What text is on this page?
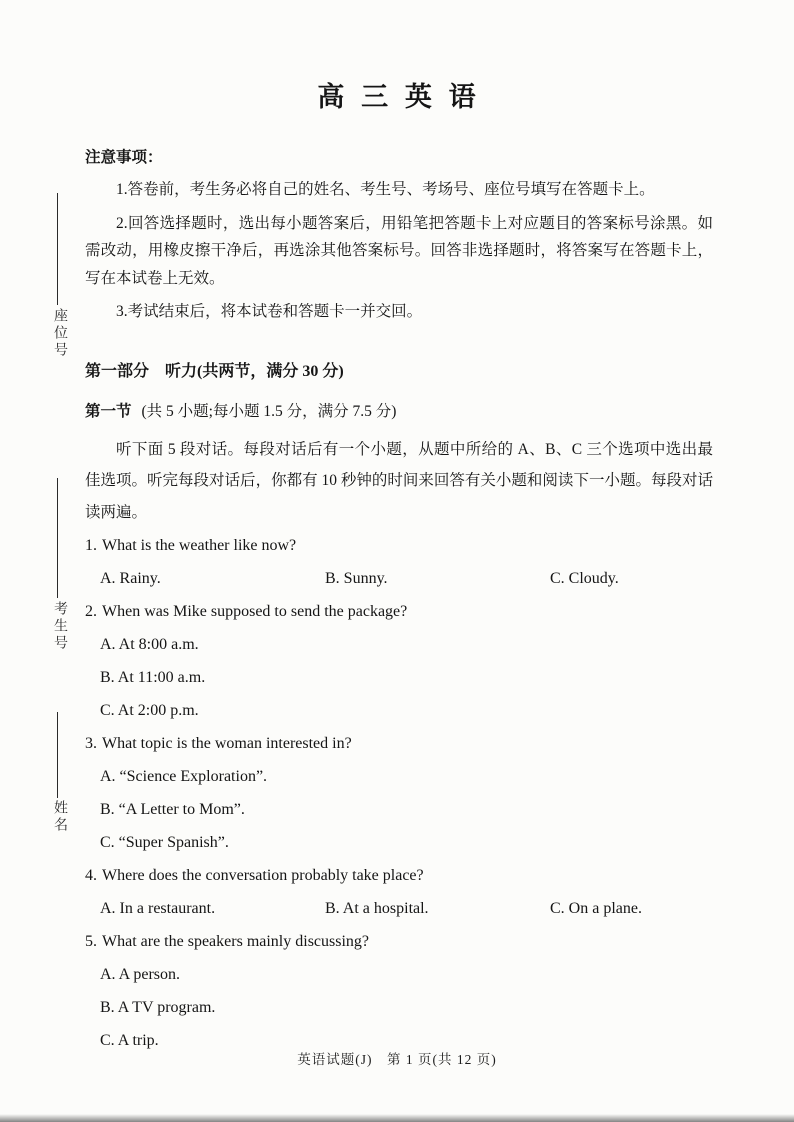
座位号
考生号
姓名
高 三 英 语

注意事项：

1.答卷前，考生务必将自己的姓名、考生号、考场号、座位号填写在答题卡上。

2.回答选择题时，选出每小题答案后，用铅笔把答题卡上对应题目的答案标号涂黑。如需改动，用橡皮擦干净后，再选涂其他答案标号。回答非选择题时，将答案写在答题卡上，写在本试卷上无效。

3.考试结束后，将本试卷和答题卡一并交回。

第一部分　听力(共两节，满分 30 分)

第一节 (共 5 小题;每小题 1.5 分，满分 7.5 分)

听下面 5 段对话。每段对话后有一个小题，从题中所给的 A、B、C 三个选项中选出最佳选项。听完每段对话后，你都有 10 秒钟的时间来回答有关小题和阅读下一小题。每段对话读两遍。

1. What is the weather like now?

A. Rainy.	B. Sunny.	C. Cloudy.

2. When was Mike supposed to send the package?

A. At 8:00 a.m.

B. At 11:00 a.m.

C. At 2:00 p.m.

3. What topic is the woman interested in?

A. “Science Exploration”.

B. “A Letter to Mom”.

C. “Super Spanish”.

4. Where does the conversation probably take place?

A. In a restaurant.	B. At a hospital.	C. On a plane.

5. What are the speakers mainly discussing?

A. A person.

B. A TV program.

C. A trip.

英语试题(J)　第 1 页(共 12 页)
